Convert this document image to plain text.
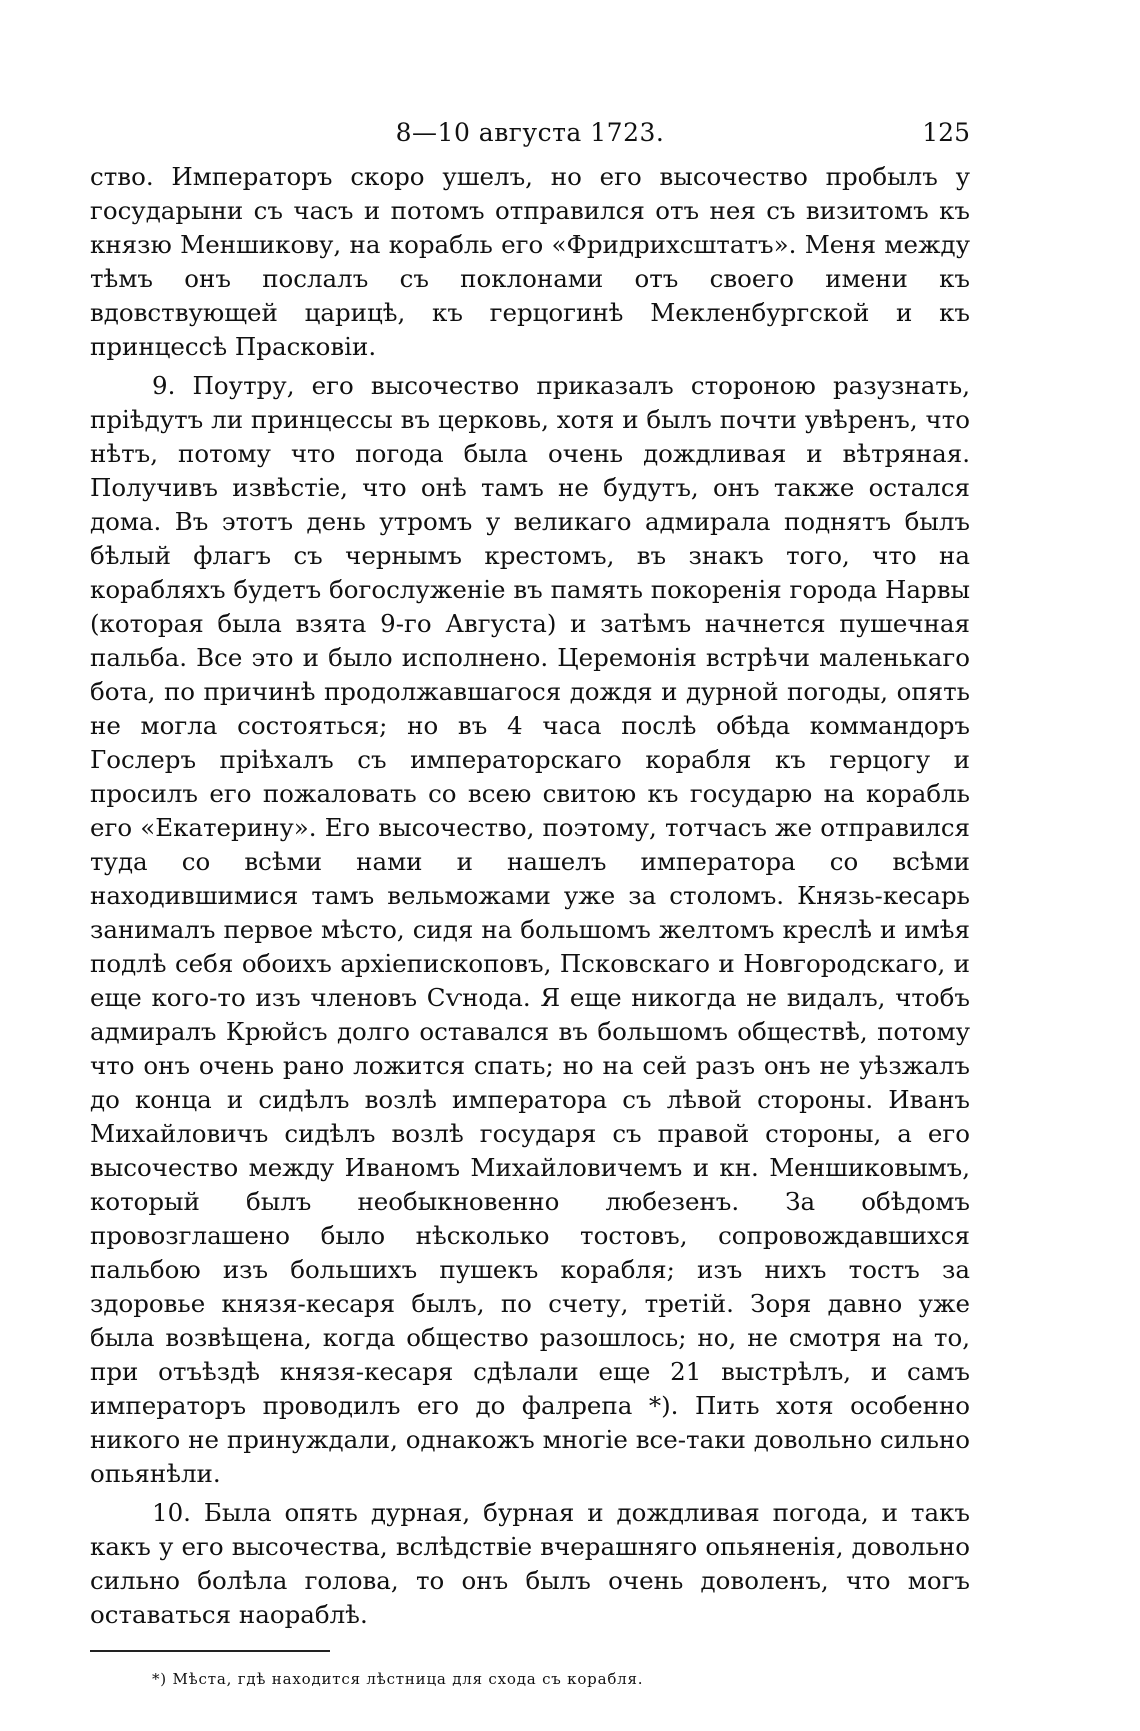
8—10 августа 1723.	125

ство. Императоръ скоро ушелъ, но его высочество пробылъ у государыни съ часъ и потомъ отправился отъ нея съ визитомъ къ князю Меншикову, на корабль его «Фридрихсштатъ». Меня между тѣмъ онъ послалъ съ поклонами отъ своего имени къ вдовствующей царицѣ, къ герцогинѣ Мекленбургской и къ принцессѣ Прасковіи.

9. Поутру, его высочество приказалъ стороною разузнать, пріѣдутъ ли принцессы въ церковь, хотя и былъ почти увѣренъ, что нѣтъ, потому что погода была очень дождливая и вѣтряная. Получивъ извѣстіе, что онѣ тамъ не будутъ, онъ также остался дома. Въ этотъ день утромъ у великаго адмирала поднятъ былъ бѣлый флагъ съ чернымъ крестомъ, въ знакъ того, что на корабляхъ будетъ богослуженіе въ память покоренія города Нарвы (которая была взята 9-го Августа) и затѣмъ начнется пушечная пальба. Все это и было исполнено. Церемонія встрѣчи маленькаго бота, по причинѣ продолжавшагося дождя и дурной погоды, опять не могла состояться; но въ 4 часа послѣ обѣда коммандоръ Гослеръ пріѣхалъ съ императорскаго корабля къ герцогу и просилъ его пожаловать со всею свитою къ государю на корабль его «Екатерину». Его высочество, поэтому, тотчасъ же отправился туда со всѣми нами и нашелъ императора со всѣми находившимися тамъ вельможами уже за столомъ. Князь-кесарь занималъ первое мѣсто, сидя на большомъ желтомъ креслѣ и имѣя подлѣ себя обоихъ архіепископовъ, Псковскаго и Новгородскаго, и еще кого-то изъ членовъ Сѵнода. Я еще никогда не видалъ, чтобъ адмиралъ Крюйсъ долго оставался въ большомъ обществѣ, потому что онъ очень рано ложится спать; но на сей разъ онъ не уѣзжалъ до конца и сидѣлъ возлѣ императора съ лѣвой стороны. Иванъ Михайловичъ сидѣлъ возлѣ государя съ правой стороны, а его высочество между Иваномъ Михайловичемъ и кн. Меншиковымъ, который былъ необыкновенно любезенъ. За обѣдомъ провозглашено было нѣсколько тостовъ, сопровождавшихся пальбою изъ большихъ пушекъ корабля; изъ нихъ тостъ за здоровье князя-кесаря былъ, по счету, третій. Зоря давно уже была возвѣщена, когда общество разошлось; но, не смотря на то, при отъѣздѣ князя-кесаря сдѣлали еще 21 выстрѣлъ, и самъ императоръ проводилъ его до фалрепа *). Пить хотя особенно никого не принуждали, однакожъ многіе все-таки довольно сильно опьянѣли.

10. Была опять дурная, бурная и дождливая погода, и такъ какъ у его высочества, вслѣдствіе вчерашняго опьяненія, довольно сильно болѣла голова, то онъ былъ очень доволенъ, что могъ оставаться наораблѣ.

*) Мѣста, гдѣ находится лѣстница для схода съ корабля.
